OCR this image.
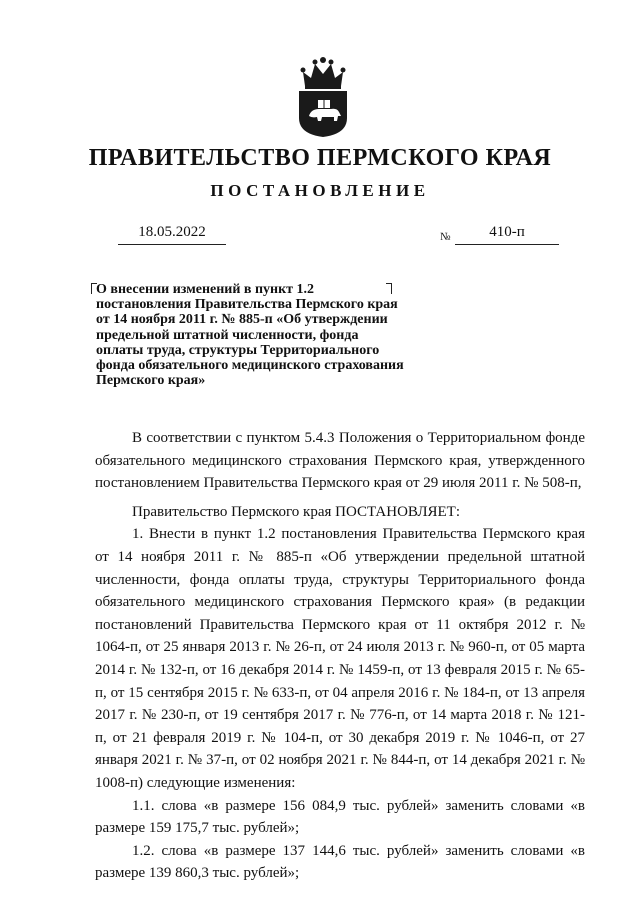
ПРАВИТЕЛЬСТВО ПЕРМСКОГО КРАЯ
ПОСТАНОВЛЕНИЕ
18.05.2022	№	410-п
О внесении изменений в пункт 1.2 постановления Правительства Пермского края от 14 ноября 2011 г. № 885-п «Об утверждении предельной штатной численности, фонда оплаты труда, структуры Территориального фонда обязательного медицинского страхования Пермского края»

В соответствии с пунктом 5.4.3 Положения о Территориальном фонде обязательного медицинского страхования Пермского края, утвержденного постановлением Правительства Пермского края от 29 июля 2011 г. № 508-п,

Правительство Пермского края ПОСТАНОВЛЯЕТ:

1. Внести в пункт 1.2 постановления Правительства Пермского края от 14 ноября 2011 г. № 885-п «Об утверждении предельной штатной численности, фонда оплаты труда, структуры Территориального фонда обязательного медицинского страхования Пермского края» (в редакции постановлений Правительства Пермского края от 11 октября 2012 г. № 1064-п, от 25 января 2013 г. № 26-п, от 24 июля 2013 г. № 960-п, от 05 марта 2014 г. № 132-п, от 16 декабря 2014 г. № 1459-п, от 13 февраля 2015 г. № 65-п, от 15 сентября 2015 г. № 633-п, от 04 апреля 2016 г. № 184-п, от 13 апреля 2017 г. № 230-п, от 19 сентября 2017 г. № 776-п, от 14 марта 2018 г. № 121-п, от 21 февраля 2019 г. № 104-п, от 30 декабря 2019 г. № 1046-п, от 27 января 2021 г. № 37-п, от 02 ноября 2021 г. № 844-п, от 14 декабря 2021 г. № 1008-п) следующие изменения:

1.1. слова «в размере 156 084,9 тыс. рублей» заменить словами «в размере 159 175,7 тыс. рублей»;

1.2. слова «в размере 137 144,6 тыс. рублей» заменить словами «в размере 139 860,3 тыс. рублей»;
